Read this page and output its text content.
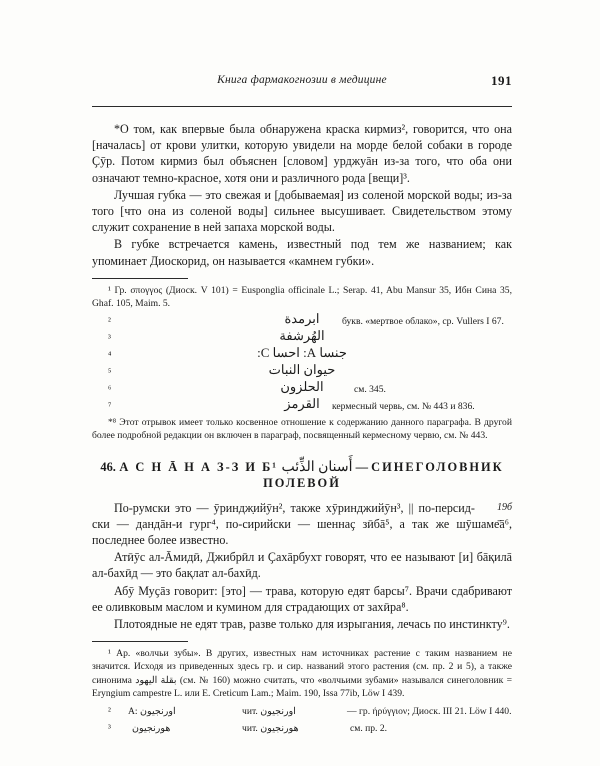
Книга фармакогнозии в медицине	191

*О том, как впервые была обнаружена краска кирмиз², говорится, что она [началась] от крови улитки, которую увидели на морде белой собаки в городе Ҫӯр. Потом кирмиз был объяснен [словом] урджуāн из-за того, что оба они означают темно-красное, хотя они и различного рода [вещи]³.

Лучшая губка — это свежая и [добываемая] из соленой морской воды; из-за того [что она из соленой воды] сильнее высушивает. Свидетельством этому служит сохранение в ней запаха морской воды.

В губке встречается камень, известный под тем же названием; как упоминает Диоскорид, он называется «камнем губки».

¹ Гр. σπογγος (Диоск. V 101) = Eusponglia officinale L.; Serap. 41, Abu Mansur 35, Ибн Сина 35, Ghaf. 105, Maim. 5.

²	ابرمدة	букв. «мертвое облако», ср. Vullers I 67.
³	الهُرشفة
⁴	جنسا A: احسا C:
⁵	حيوان النبات
⁶	الحلزون	см. 345.
⁷	القرمز	кермесный червь, см. № 443 и 836.

*⁸ Этот отрывок имеет только косвенное отношение к содержанию данного параграфа. В другой более подробной редакции он включен в параграф, посвященный кермесному червю, см. № 443.

46. А С Н Ā Н А З-З И Б¹ أَسنان الذِّئب — СИНЕГОЛОВНИК ПОЛЕВОЙ

19б
По-румски это — ӯриндж̣ийӯн², также хӯринджийӯн³, || по-персид-ски — дандāн-и гург⁴, по-сирийски — шеннаҫ зӣбā⁵, а так же шӯшаме̄ā⁶, последнее более известно.

Атӣӯс ал-Āмидӣ, Джибрӣл и Ҫахāрбухт говорят, что ее называют [и] бāқилā ал-бахӣд — это бақлат ал-бахӣд.

Абӯ Муҫāз говорит: [это] — трава, которую едят барсы⁷. Врачи сдабривают ее оливковым маслом и кумином для страдающих от захӣра⁸.

Плотоядные не едят трав, разве только для изрыгания, лечась по инстинкту⁹.

¹ Ар. «волчьи зубы». В других, известных нам источниках растение с таким названием не значится. Исходя из приведенных здесь гр. и сир. названий этого растения (см. пр. 2 и 5), а также синонима بقلة اليهود (см. № 160) можно считать, что «волчьими зубами» назывался синеголовник = Eryngium campestre L. или E. Creticum Lam.; Maim. 190, Issa 77ib, Löw I 439.

² A: اورنجيون	чит. اورنجيون	— гр. ήρύγγιον; Диоск. III 21. Löw I 440.
³ هورنجيون	чит. هورنجيون	см. пр. 2.
